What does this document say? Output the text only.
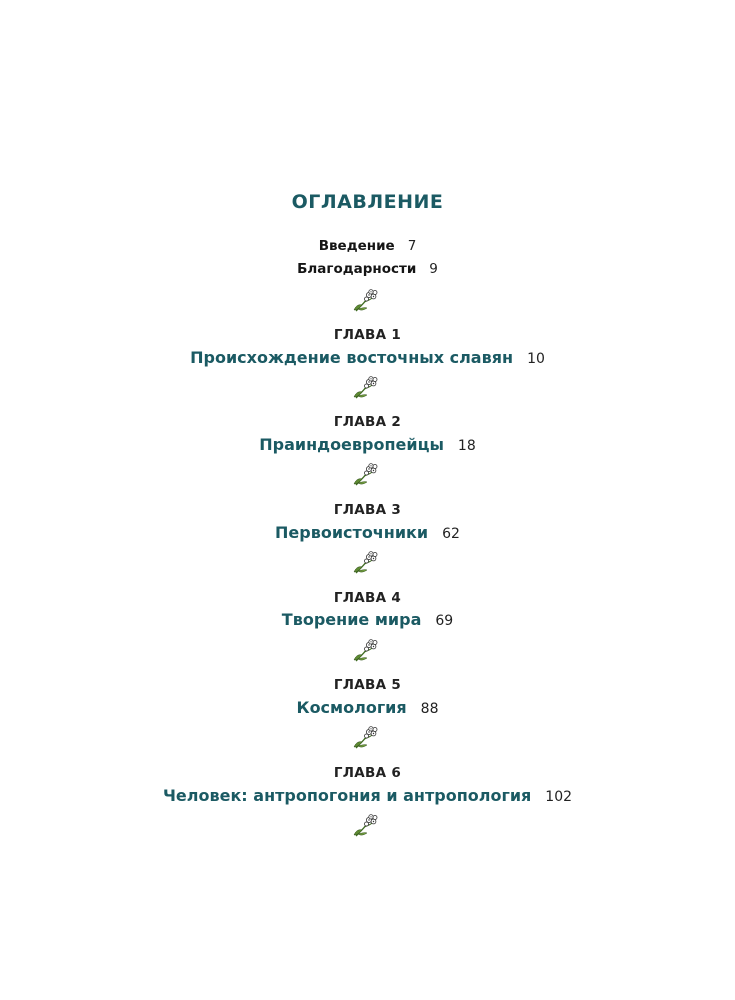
ОГЛАВЛЕНИЕ
Введение 7
Благодарности 9
ГЛАВА 1
Происхождение восточных славян 10
ГЛАВА 2
Праиндоевропейцы 18
ГЛАВА 3
Первоисточники 62
ГЛАВА 4
Творение мира 69
ГЛАВА 5
Космология 88
ГЛАВА 6
Человек: антропогония и антропология 102
